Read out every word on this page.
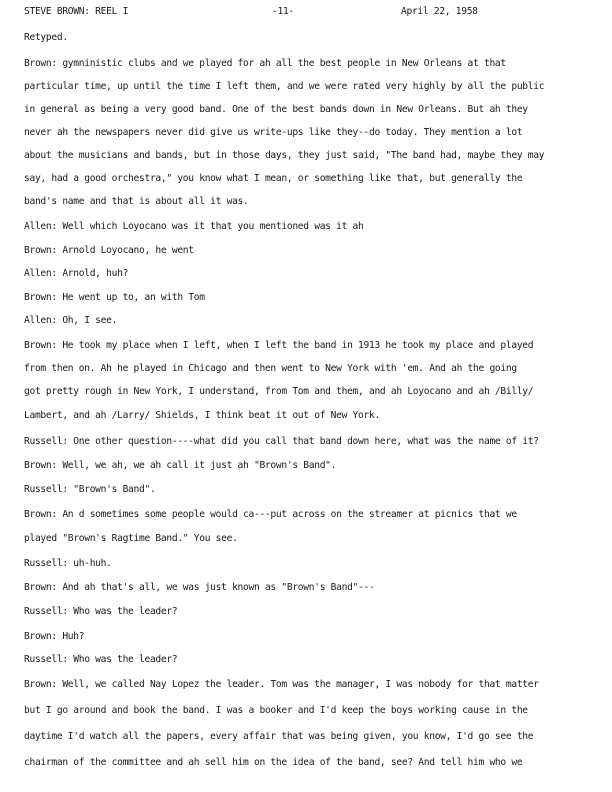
STEVE BROWN: REEL I	-11-	April 22, 1958
Retyped.
Brown: gymninistic clubs and we played for ah all the best people in New Orleans at that
particular time, up until the time I left them, and we were rated very highly by all the public
in general as being a very good band. One of the best bands down in New Orleans. But ah they
never ah the newspapers never did give us write-ups like they--do today. They mention a lot
about the musicians and bands, but in those days, they just said, "The band had, maybe they may
say, had a good orchestra," you know what I mean, or something like that, but generally the
band's name and that is about all it was.
Allen: Well which Loyocano was it that you mentioned was it ah
Brown: Arnold Loyocano, he went
Allen: Arnold, huh?
Brown: He went up to, an with Tom
Allen: Oh, I see.
Brown: He took my place when I left, when I left the band in 1913 he took my place and played
from then on. Ah he played in Chicago and then went to New York with 'em. And ah the going
got pretty rough in New York, I understand, from Tom and them, and ah Loyocano and ah /Billy/
Lambert, and ah /Larry/ Shields, I think beat it out of New York.
Russell: One other question----what did you call that band down here, what was the name of it?
Brown: Well, we ah, we ah call it just ah "Brown's Band".
Russell: "Brown's Band".
Brown: An d sometimes some people would ca---put across on the streamer at picnics that we
played "Brown's Ragtime Band." You see.
Russell: uh-huh.
Brown: And ah that's all, we was just known as "Brown's Band"---
Russell: Who was the leader?
Brown: Huh?
Russell: Who was the leader?
Brown: Well, we called Nay Lopez the leader. Tom was the manager, I was nobody for that matter
but I go around and book the band. I was a booker and I'd keep the boys working cause in the
daytime I'd watch all the papers, every affair that was being given, you know, I'd go see the
chairman of the committee and ah sell him on the idea of the band, see? And tell him who we
